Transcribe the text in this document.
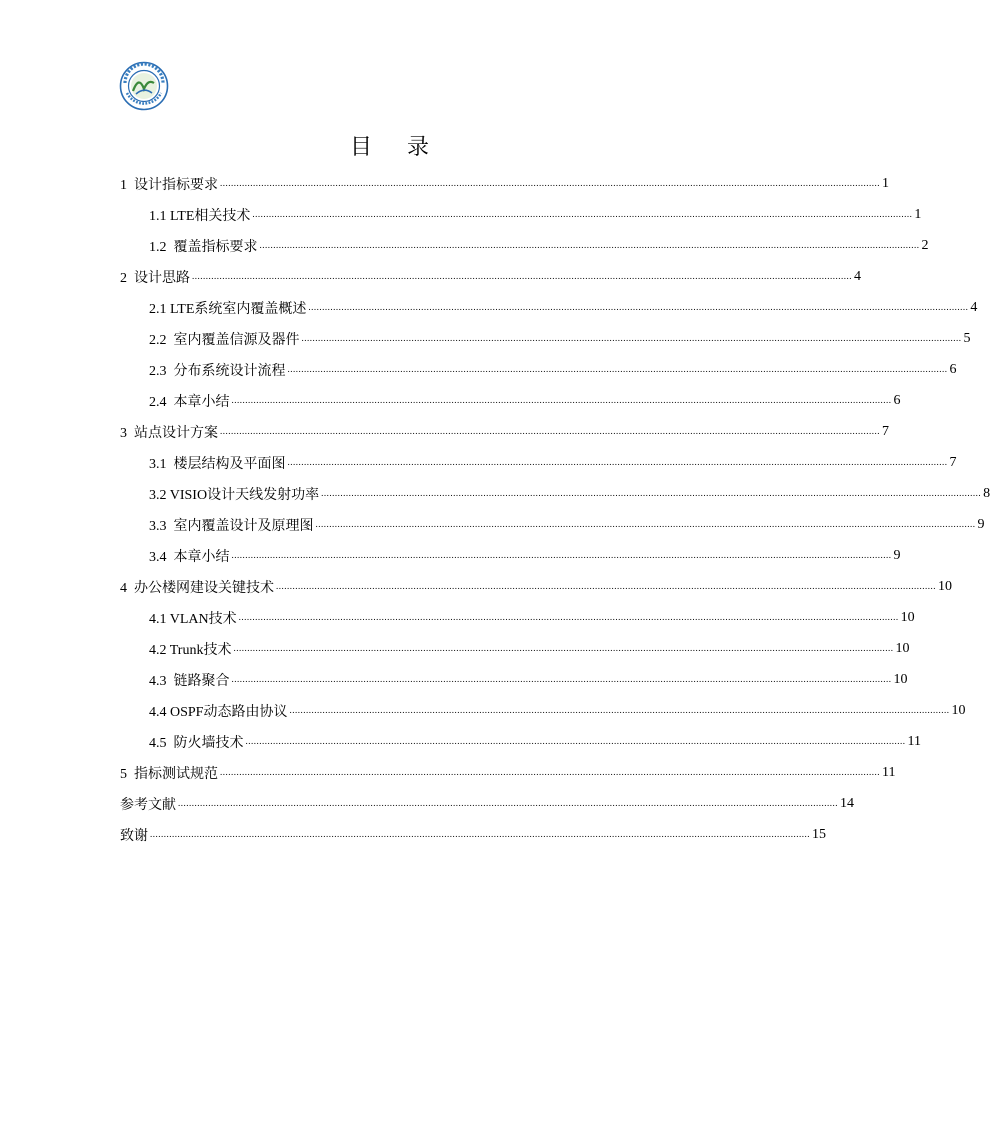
目 录
1  设计指标要求 ................................................................................................................................................................................................................................................ 1
1.1 LTE相关技术 ................................................................................................................................................................................................................................................ 1
1.2  覆盖指标要求 ................................................................................................................................................................................................................................................ 2
2  设计思路 ................................................................................................................................................................................................................................................ 4
2.1 LTE系统室内覆盖概述 ................................................................................................................................................................................................................................................ 4
2.2  室内覆盖信源及器件 ................................................................................................................................................................................................................................................ 5
2.3  分布系统设计流程 ................................................................................................................................................................................................................................................ 6
2.4  本章小结 ................................................................................................................................................................................................................................................ 6
3  站点设计方案 ................................................................................................................................................................................................................................................ 7
3.1  楼层结构及平面图 ................................................................................................................................................................................................................................................ 7
3.2 VISIO设计天线发射功率 ................................................................................................................................................................................................................................................ 8
3.3  室内覆盖设计及原理图 ................................................................................................................................................................................................................................................ 9
3.4  本章小结 ................................................................................................................................................................................................................................................ 9
4  办公楼网建设关键技术 ................................................................................................................................................................................................................................................ 10
4.1 VLAN技术 ................................................................................................................................................................................................................................................ 10
4.2 Trunk技术 ................................................................................................................................................................................................................................................ 10
4.3  链路聚合 ................................................................................................................................................................................................................................................ 10
4.4 OSPF动态路由协议 ................................................................................................................................................................................................................................................ 10
4.5  防火墙技术 ................................................................................................................................................................................................................................................ 11
5  指标测试规范 ................................................................................................................................................................................................................................................ 11
参考文献 ................................................................................................................................................................................................................................................ 14
致谢 ................................................................................................................................................................................................................................................ 15
